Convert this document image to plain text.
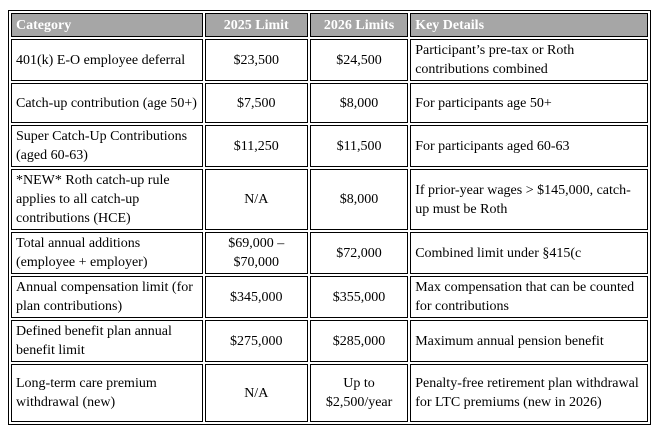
Category	2025 Limit	2026 Limits	Key Details
401(k) E-O employee deferral	$23,500	$24,500	Participant’s pre-tax or Roth contributions combined
Catch-up contribution (age 50+)	$7,500	$8,000	For participants age 50+
Super Catch-Up Contributions (aged 60-63)	$11,250	$11,500	For participants aged 60-63
*NEW* Roth catch-up rule applies to all catch-up contributions (HCE)	N/A	$8,000	If prior-year wages > $145,000, catch-up must be Roth
Total annual additions (employee + employer)	$69,000 – $70,000	$72,000	Combined limit under §415(c
Annual compensation limit (for plan contributions)	$345,000	$355,000	Max compensation that can be counted for contributions
Defined benefit plan annual benefit limit	$275,000	$285,000	Maximum annual pension benefit
Long-term care premium withdrawal (new)	N/A	Up to $2,500/year	Penalty-free retirement plan withdrawal for LTC premiums (new in 2026)
